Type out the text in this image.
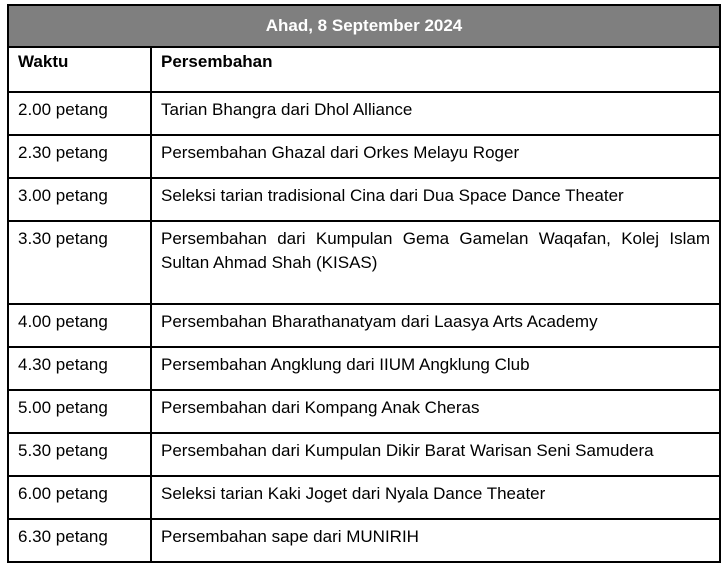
Ahad, 8 September 2024	
Waktu	Persembahan
2.00 petang	Tarian Bhangra dari Dhol Alliance

2.30 petang	Persembahan Ghazal dari Orkes Melayu Roger

3.00 petang	Seleksi tarian tradisional Cina dari Dua Space Dance Theater

3.30 petang	Persembahan dari Kumpulan Gema Gamelan Waqafan, Kolej Islam Sultan Ahmad Shah (KISAS)

4.00 petang	Persembahan Bharathanatyam dari Laasya Arts Academy

4.30 petang	Persembahan Angklung dari IIUM Angklung Club

5.00 petang	Persembahan dari Kompang Anak Cheras

5.30 petang	Persembahan dari Kumpulan Dikir Barat Warisan Seni Samudera

6.00 petang	Seleksi tarian Kaki Joget dari Nyala Dance Theater

6.30 petang	Persembahan sape dari MUNIRIH
